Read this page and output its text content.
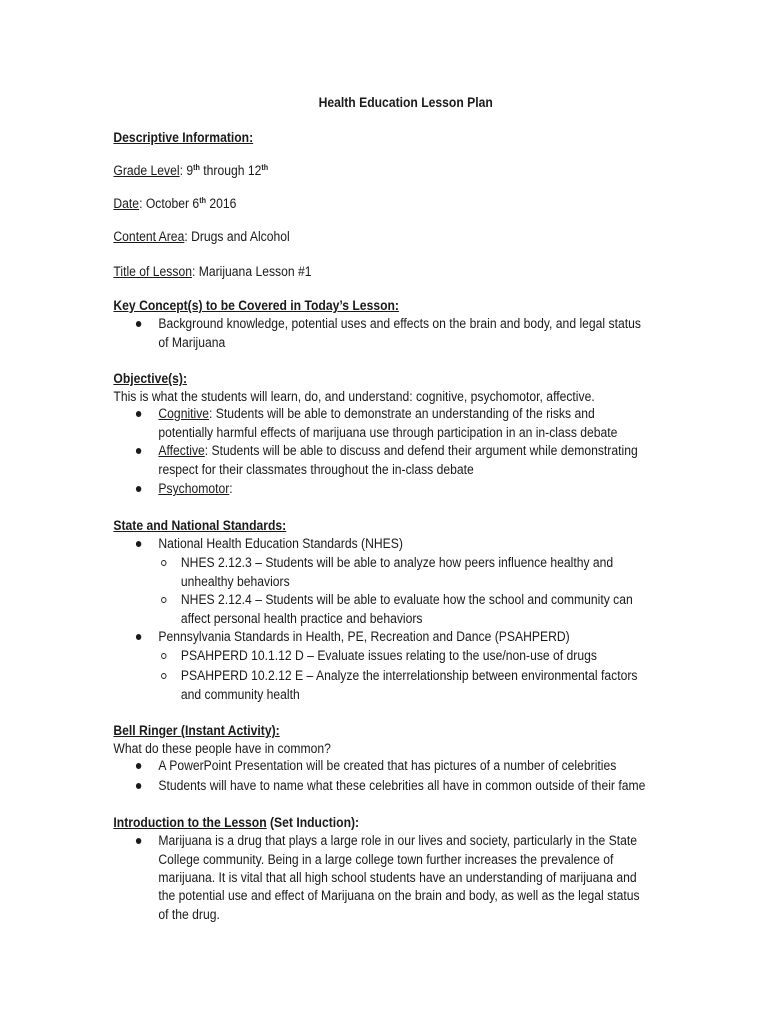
Health Education Lesson Plan
Descriptive Information:
Grade Level: 9th through 12th
Date: October 6th 2016
Content Area: Drugs and Alcohol
Title of Lesson: Marijuana Lesson #1
Key Concept(s) to be Covered in Today’s Lesson:
Background knowledge, potential uses and effects on the brain and body, and legal status
of Marijuana
Objective(s):
This is what the students will learn, do, and understand: cognitive, psychomotor, affective.
Cognitive: Students will be able to demonstrate an understanding of the risks and
potentially harmful effects of marijuana use through participation in an in-class debate
Affective: Students will be able to discuss and defend their argument while demonstrating
respect for their classmates throughout the in-class debate
Psychomotor:
State and National Standards:
National Health Education Standards (NHES)
NHES 2.12.3 – Students will be able to analyze how peers influence healthy and
unhealthy behaviors
NHES 2.12.4 – Students will be able to evaluate how the school and community can
affect personal health practice and behaviors
Pennsylvania Standards in Health, PE, Recreation and Dance (PSAHPERD)
PSAHPERD 10.1.12 D – Evaluate issues relating to the use/non-use of drugs
PSAHPERD 10.2.12 E – Analyze the interrelationship between environmental factors
and community health
Bell Ringer (Instant Activity):
What do these people have in common?
A PowerPoint Presentation will be created that has pictures of a number of celebrities
Students will have to name what these celebrities all have in common outside of their fame
Introduction to the Lesson (Set Induction):
Marijuana is a drug that plays a large role in our lives and society, particularly in the State
College community. Being in a large college town further increases the prevalence of
marijuana. It is vital that all high school students have an understanding of marijuana and
the potential use and effect of Marijuana on the brain and body, as well as the legal status
of the drug.
